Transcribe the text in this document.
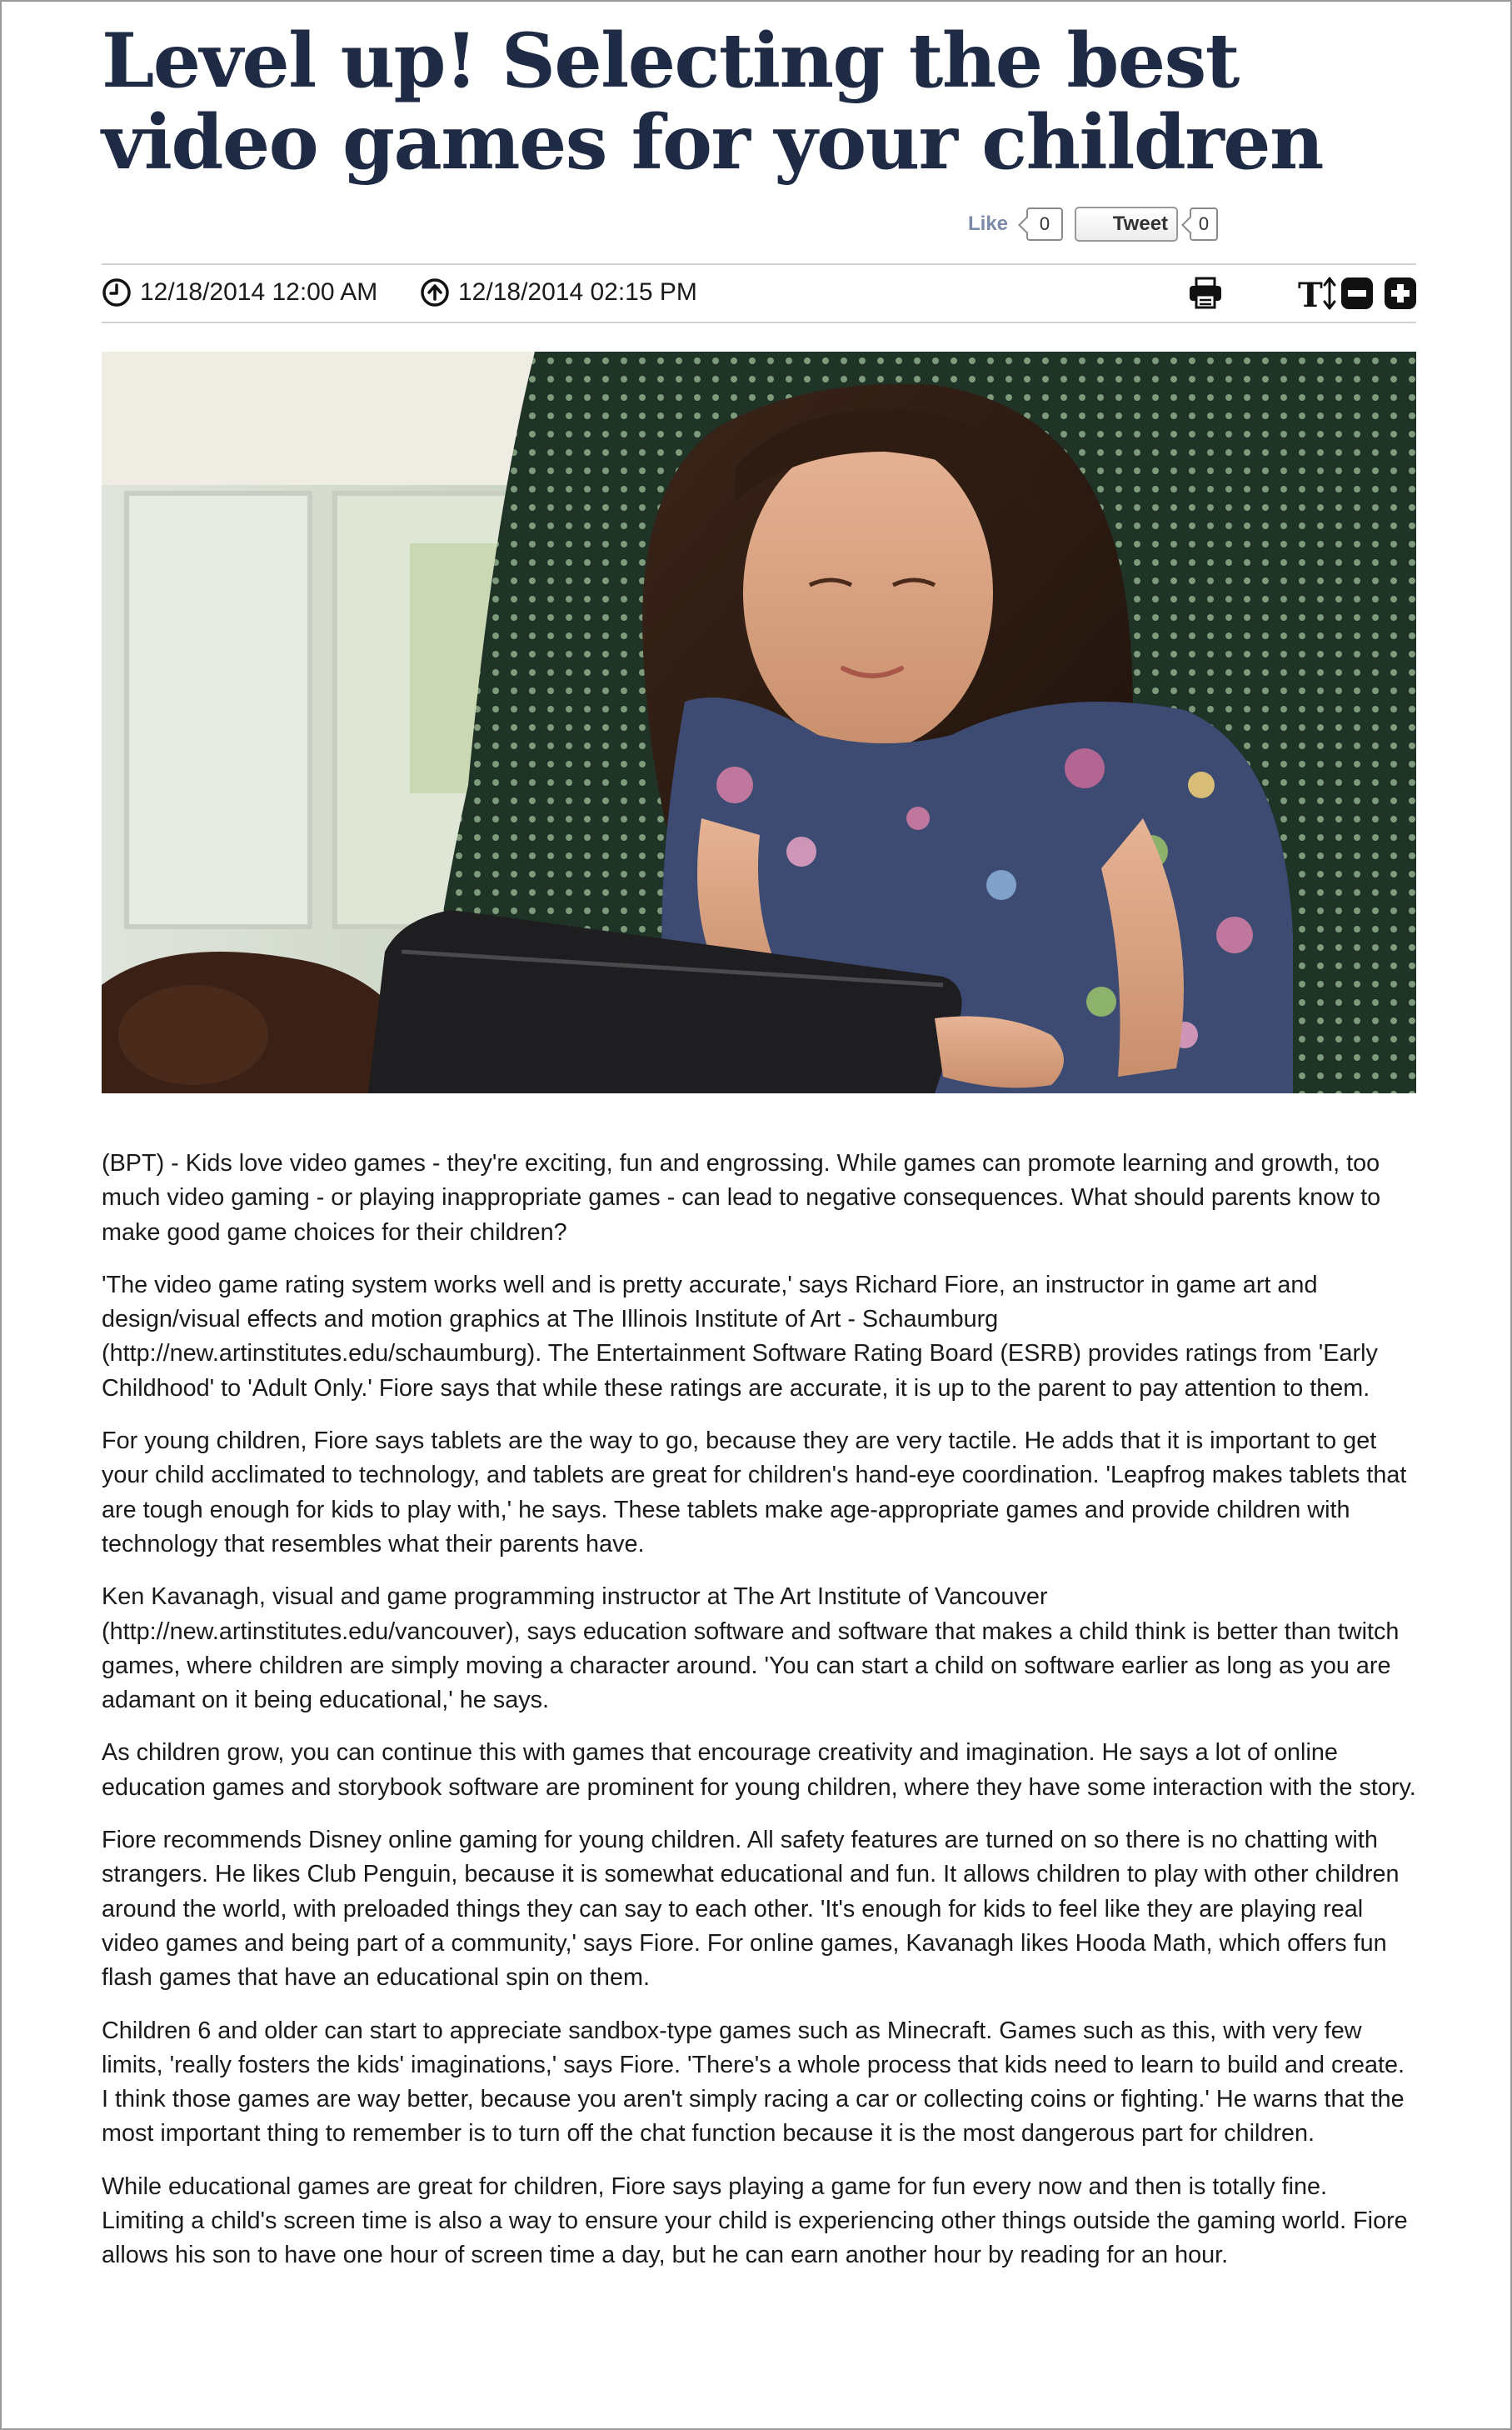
Level up! Selecting the best video games for your children
Like	0	Tweet	0
12/18/2014 12:00 AM	12/18/2014 02:15 PM	T

(BPT) - Kids love video games - they're exciting, fun and engrossing. While games can promote learning and growth, too much video gaming - or playing inappropriate games - can lead to negative consequences. What should parents know to make good game choices for their children?

'The video game rating system works well and is pretty accurate,' says Richard Fiore, an instructor in game art and design/visual effects and motion graphics at The Illinois Institute of Art - Schaumburg (http://new.artinstitutes.edu/schaumburg). The Entertainment Software Rating Board (ESRB) provides ratings from 'Early Childhood' to 'Adult Only.' Fiore says that while these ratings are accurate, it is up to the parent to pay attention to them.

For young children, Fiore says tablets are the way to go, because they are very tactile. He adds that it is important to get your child acclimated to technology, and tablets are great for children's hand-eye coordination. 'Leapfrog makes tablets that are tough enough for kids to play with,' he says. These tablets make age-appropriate games and provide children with technology that resembles what their parents have.

Ken Kavanagh, visual and game programming instructor at The Art Institute of Vancouver (http://new.artinstitutes.edu/vancouver), says education software and software that makes a child think is better than twitch games, where children are simply moving a character around. 'You can start a child on software earlier as long as you are adamant on it being educational,' he says.

As children grow, you can continue this with games that encourage creativity and imagination. He says a lot of online education games and storybook software are prominent for young children, where they have some interaction with the story.

Fiore recommends Disney online gaming for young children. All safety features are turned on so there is no chatting with strangers. He likes Club Penguin, because it is somewhat educational and fun. It allows children to play with other children around the world, with preloaded things they can say to each other. 'It's enough for kids to feel like they are playing real video games and being part of a community,' says Fiore. For online games, Kavanagh likes Hooda Math, which offers fun flash games that have an educational spin on them.

Children 6 and older can start to appreciate sandbox-type games such as Minecraft. Games such as this, with very few limits, 'really fosters the kids' imaginations,' says Fiore. 'There's a whole process that kids need to learn to build and create. I think those games are way better, because you aren't simply racing a car or collecting coins or fighting.' He warns that the most important thing to remember is to turn off the chat function because it is the most dangerous part for children.

While educational games are great for children, Fiore says playing a game for fun every now and then is totally fine. Limiting a child's screen time is also a way to ensure your child is experiencing other things outside the gaming world. Fiore allows his son to have one hour of screen time a day, but he can earn another hour by reading for an hour.
